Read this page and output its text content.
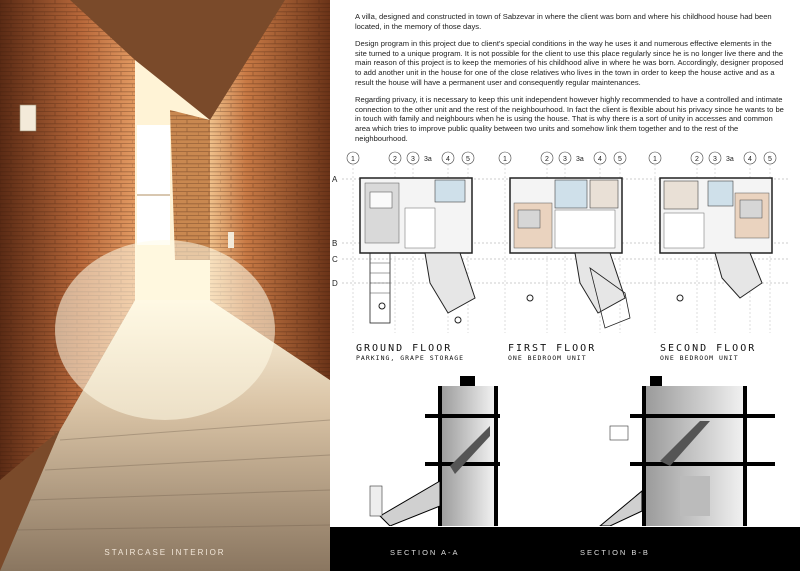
STAIRCASE INTERIOR

A villa, designed and constructed in town of Sabzevar in where the client was born and where his childhood house had been located, in the memory of those days.

Design program in this project due to client’s special conditions in the way he uses it and numerous effective elements in the site turned to a unique program. It is not possible for the client to use this place regularly since he is no longer live there and the main reason of this project is to keep the memories of his childhood alive in where he was born. Accordingly, designer proposed to add another unit in the house for one of the close relatives who lives in the town in order to keep the house active and as a result the house will have a permanent user and consequently regular maintenances.

Regarding privacy, it is necessary to keep this unit independent however highly recommended to have a controlled and intimate connection to the other unit and the rest of the neighbourhood. In fact the client is flexible about his privacy since he wants to be in touch with family and neighbours when he is using the house. That is why there is a sort of unity in accesses and common area which tries to improve public quality between two units and somehow link them together and to the rest of the neighbourhood.

1	2 3 3a 4 5	1	2 3 3a 4 5	1	2 3 3a 4 5
A
B
C
D
GROUND FLOOR
PARKING, GRAPE STORAGE
FIRST FLOOR
ONE BEDROOM UNIT
SECOND FLOOR
ONE BEDROOM UNIT
SECTION A-A	SECTION B-B
